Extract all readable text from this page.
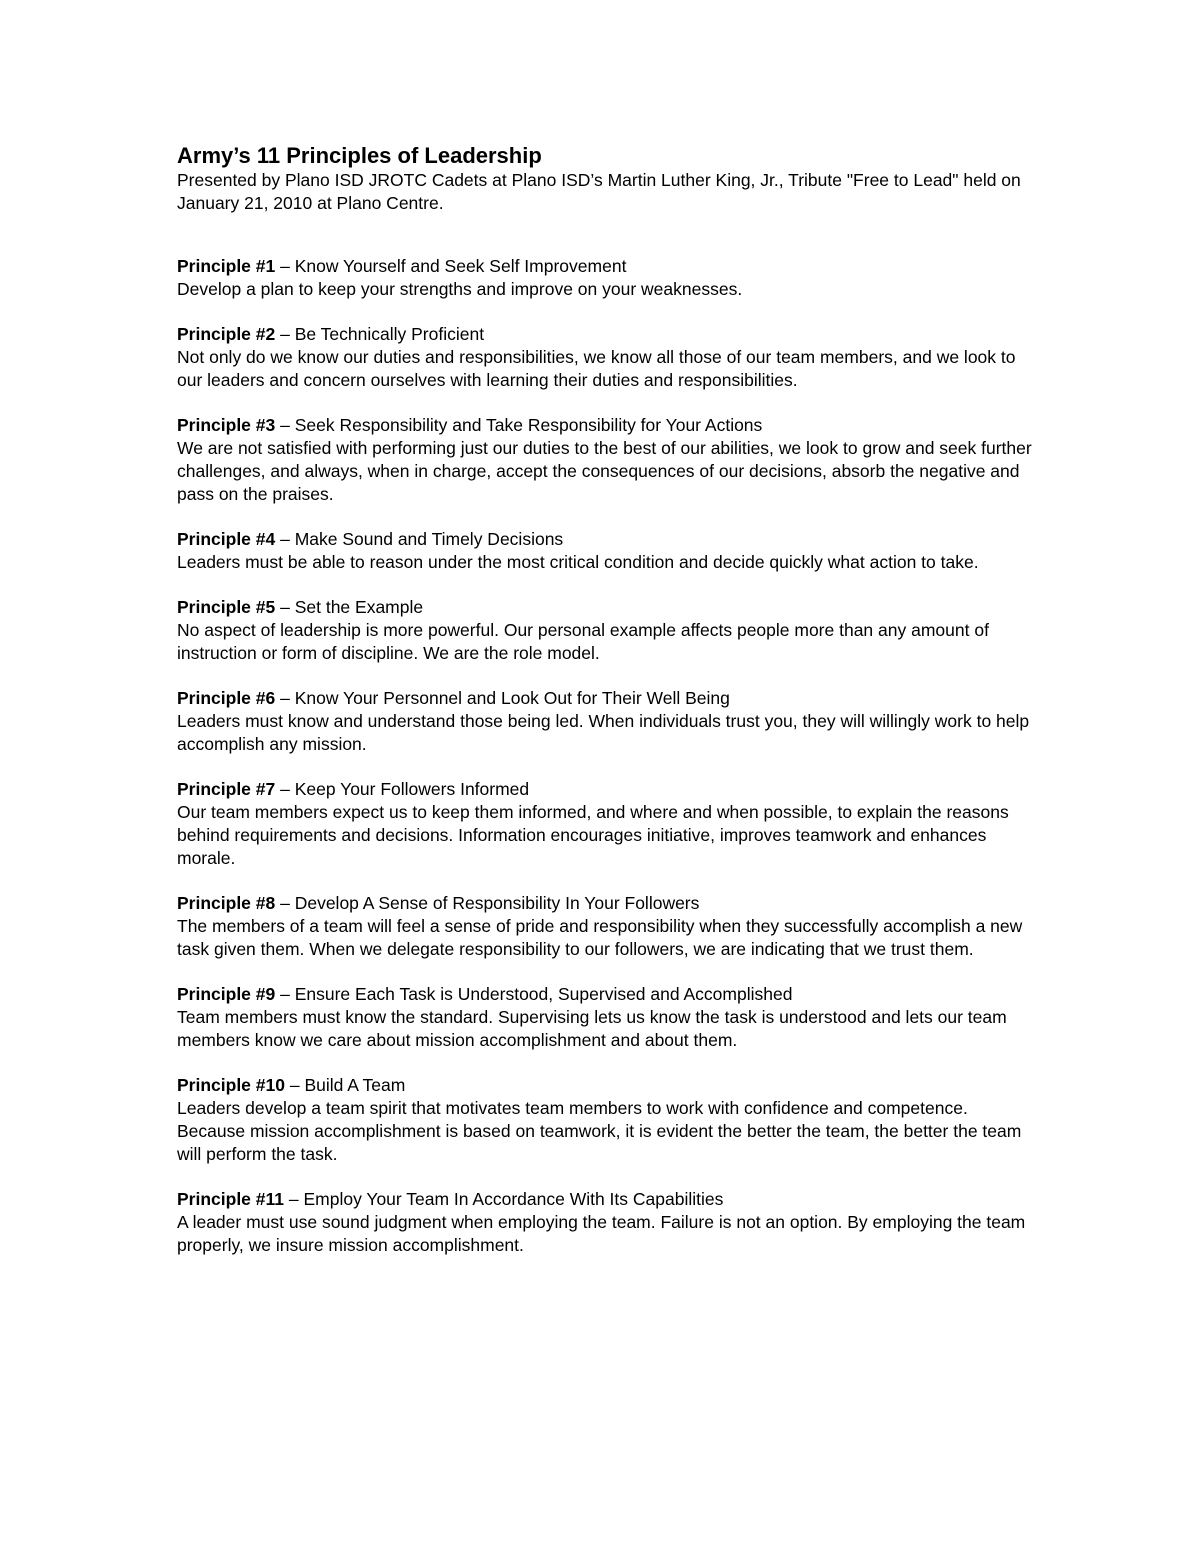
Army’s 11 Principles of Leadership

Presented by Plano ISD JROTC Cadets at Plano ISD’s Martin Luther King, Jr., Tribute "Free to Lead" held on January 21, 2010 at Plano Centre.

Principle #1 – Know Yourself and Seek Self Improvement

Develop a plan to keep your strengths and improve on your weaknesses.

Principle #2 – Be Technically Proficient

Not only do we know our duties and responsibilities, we know all those of our team members, and we look to our leaders and concern ourselves with learning their duties and responsibilities.

Principle #3 – Seek Responsibility and Take Responsibility for Your Actions

We are not satisfied with performing just our duties to the best of our abilities, we look to grow and seek further challenges, and always, when in charge, accept the consequences of our decisions, absorb the negative and pass on the praises.

Principle #4 – Make Sound and Timely Decisions

Leaders must be able to reason under the most critical condition and decide quickly what action to take.

Principle #5 – Set the Example

No aspect of leadership is more powerful. Our personal example affects people more than any amount of instruction or form of discipline. We are the role model.

Principle #6 – Know Your Personnel and Look Out for Their Well Being

Leaders must know and understand those being led. When individuals trust you, they will willingly work to help accomplish any mission.

Principle #7 – Keep Your Followers Informed

Our team members expect us to keep them informed, and where and when possible, to explain the reasons behind requirements and decisions. Information encourages initiative, improves teamwork and enhances morale.

Principle #8 – Develop A Sense of Responsibility In Your Followers

The members of a team will feel a sense of pride and responsibility when they successfully accomplish a new task given them. When we delegate responsibility to our followers, we are indicating that we trust them.

Principle #9 – Ensure Each Task is Understood, Supervised and Accomplished

Team members must know the standard. Supervising lets us know the task is understood and lets our team members know we care about mission accomplishment and about them.

Principle #10 – Build A Team

Leaders develop a team spirit that motivates team members to work with confidence and competence. Because mission accomplishment is based on teamwork, it is evident the better the team, the better the team will perform the task.

Principle #11 – Employ Your Team In Accordance With Its Capabilities

A leader must use sound judgment when employing the team. Failure is not an option. By employing the team properly, we insure mission accomplishment.
